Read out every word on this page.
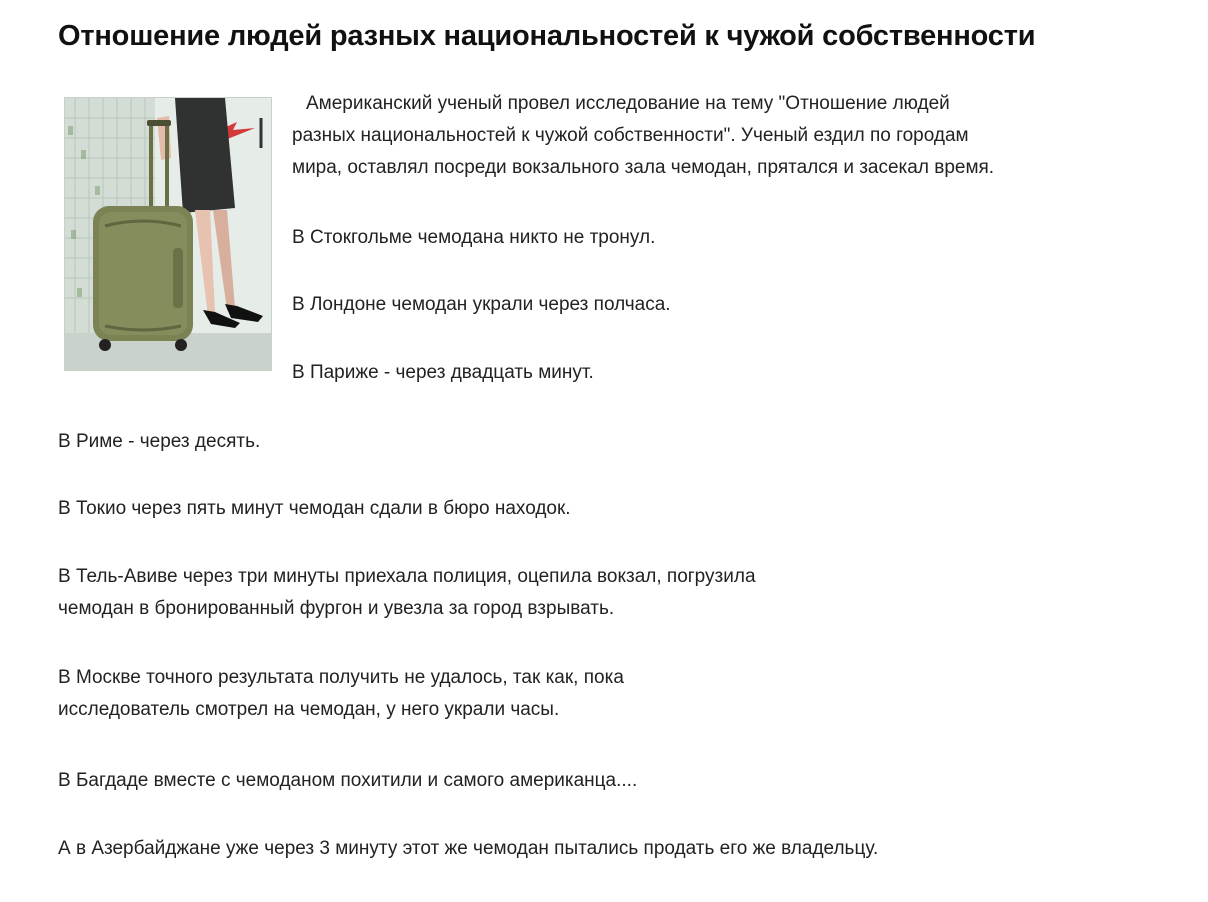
Отношение людей разных национальностей к чужой собственности
Американский ученый провел исследование на тему "Отношение людей
разных национальностей к чужой собственности". Ученый ездил по городам
мира, оставлял посреди вокзального зала чемодан, прятался и засекал время.
В Стокгольме чемодана никто не тронул.
В Лондоне чемодан украли через полчаса.
В Париже - через двадцать минут.
В Риме - через десять.
В Токио через пять минут чемодан сдали в бюро находок.
В Тель-Авиве через три минуты приехала полиция, оцепила вокзал, погрузила
чемодан в бронированный фургон и увезла за город взрывать.
В Москве точного результата получить не удалось, так как, пока
исследователь смотрел на чемодан, у него украли часы.
В Багдаде вместе с чемоданом похитили и самого американца....
А в Азербайджане уже через 3 минуту этот же чемодан пытались продать его же владельцу.
